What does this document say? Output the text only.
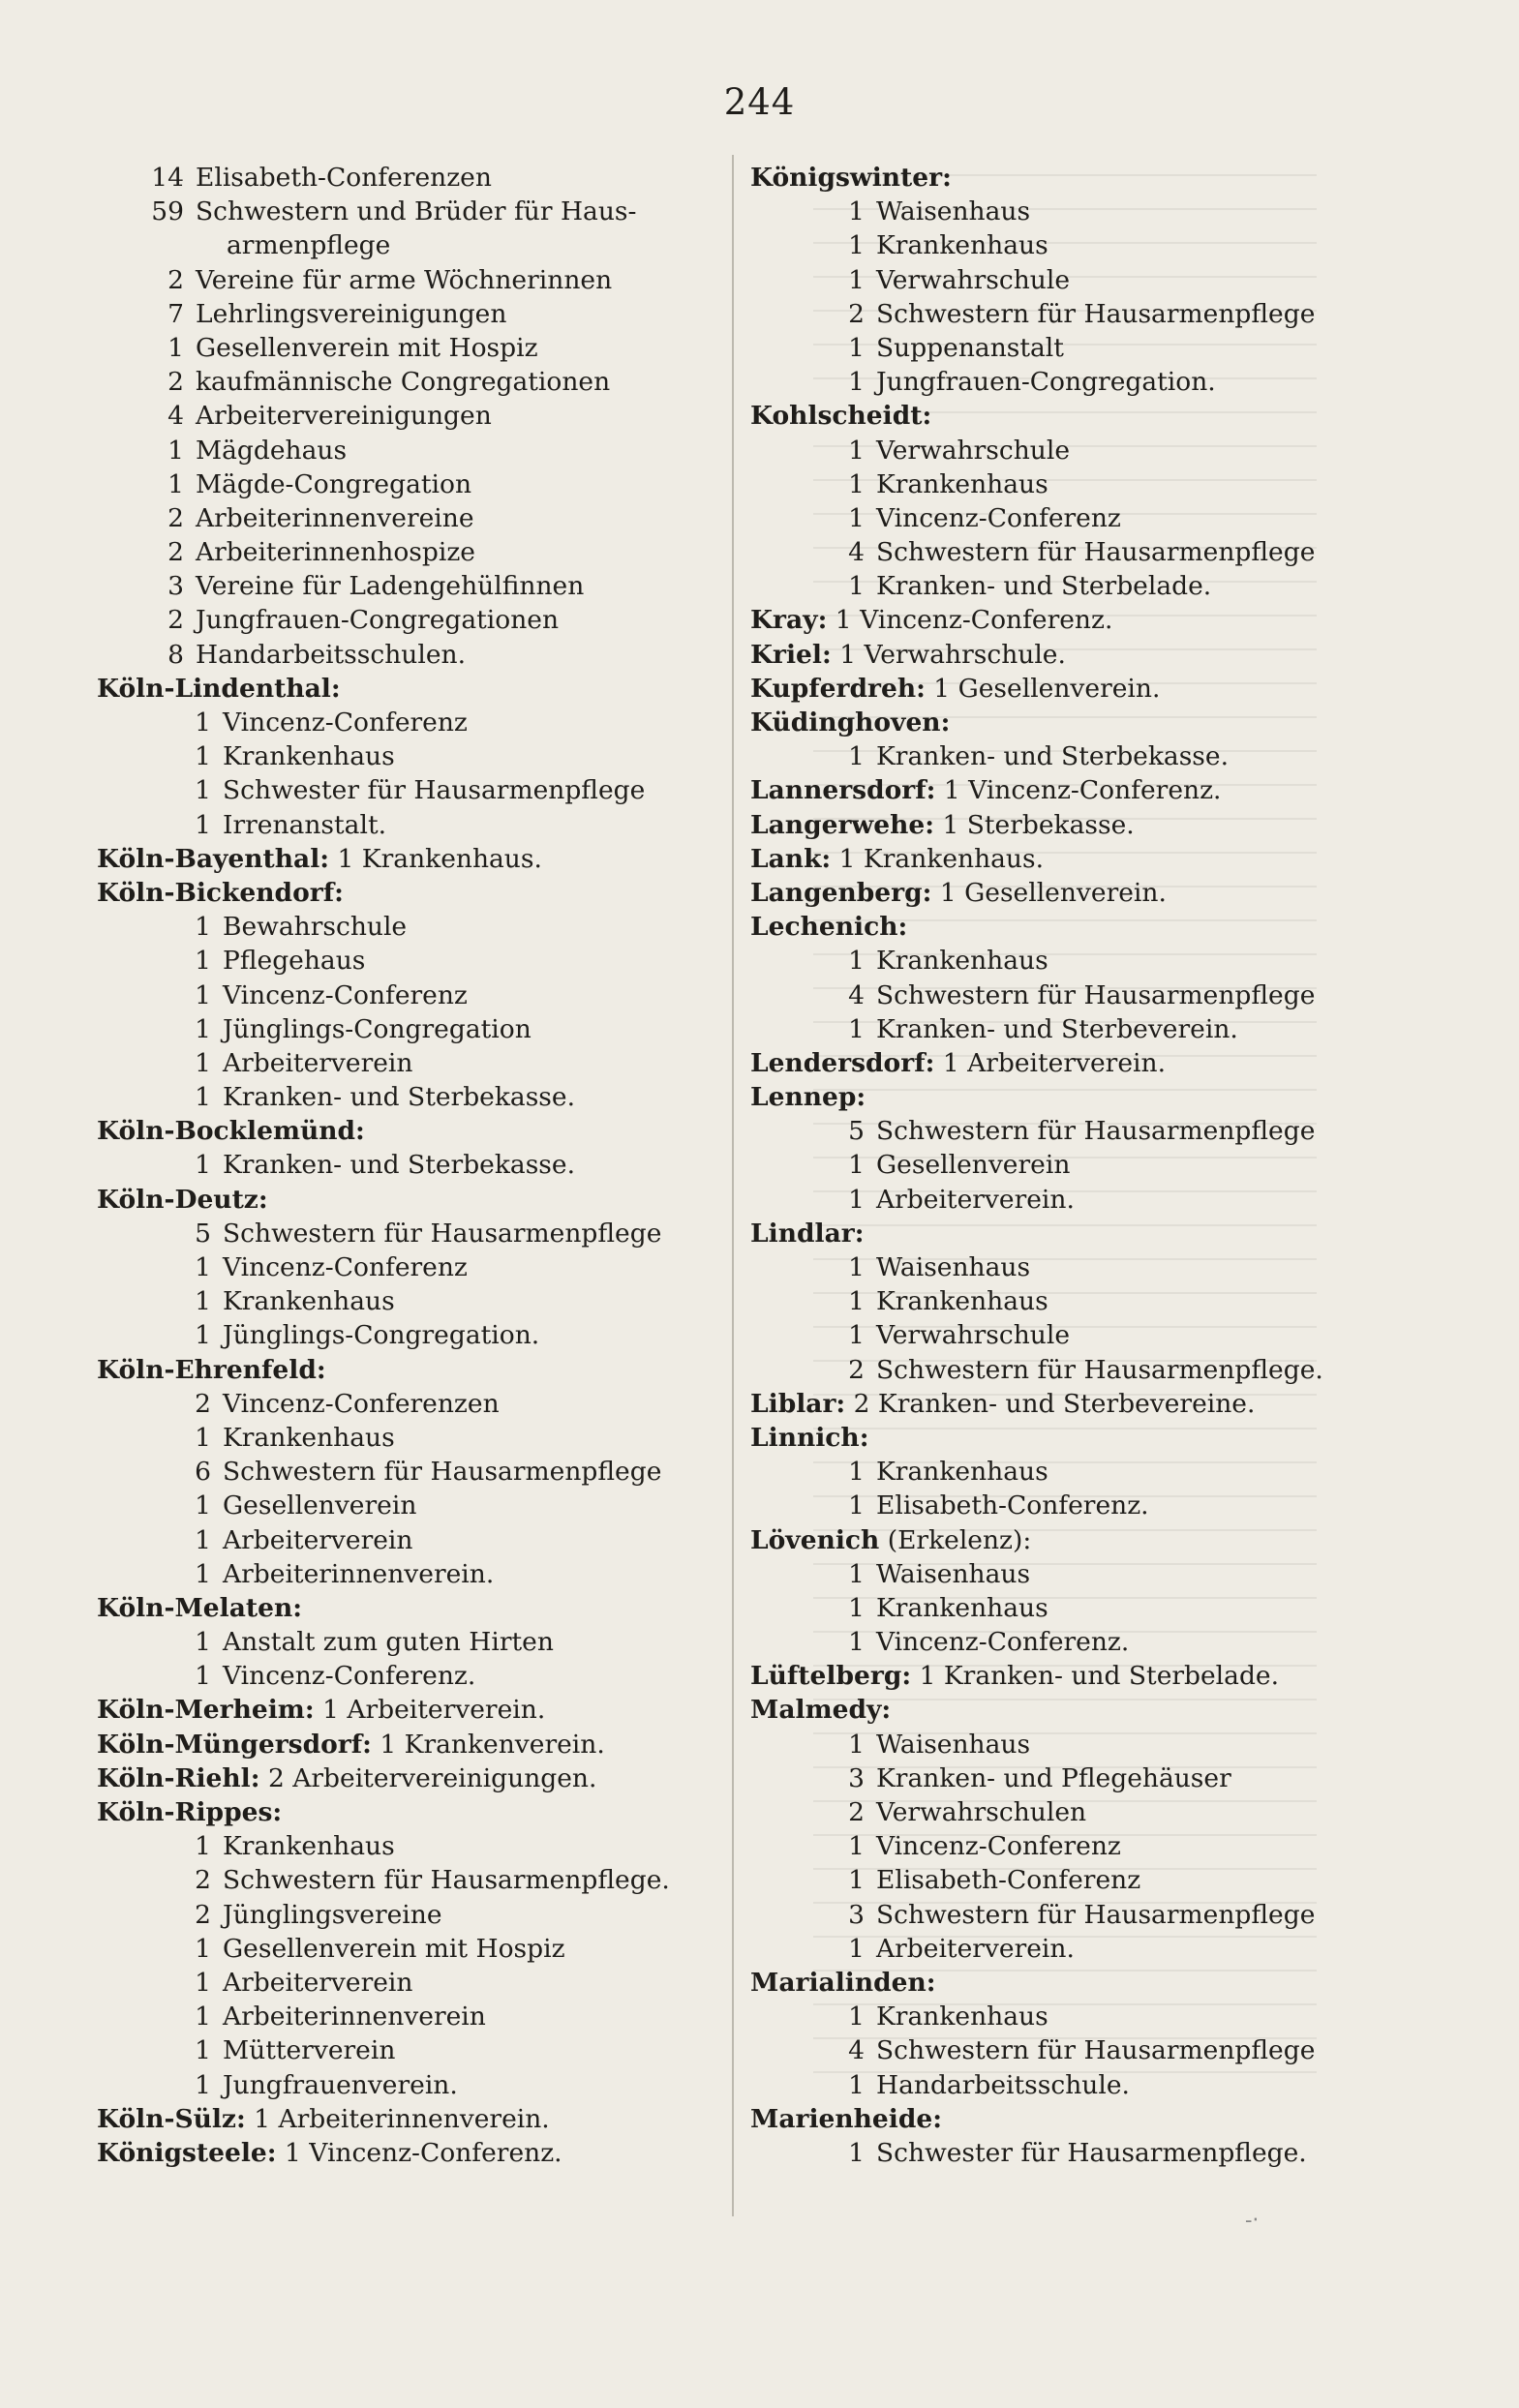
244
14 Elisabeth-Conferenzen
59 Schwestern und Brüder für Haus-
armenpflege
2 Vereine für arme Wöchnerinnen
7 Lehrlingsvereinigungen
1 Gesellenverein mit Hospiz
2 kaufmännische Congregationen
4 Arbeitervereinigungen
1 Mägdehaus
1 Mägde-Congregation
2 Arbeiterinnenvereine
2 Arbeiterinnenhospize
3 Vereine für Ladengehülfinnen
2 Jungfrauen-Congregationen
8 Handarbeitsschulen.
Köln-Lindenthal:
1 Vincenz-Conferenz
1 Krankenhaus
1 Schwester für Hausarmenpflege
1 Irrenanstalt.
Köln-Bayenthal: 1 Krankenhaus.
Köln-Bickendorf:
1 Bewahrschule
1 Pflegehaus
1 Vincenz-Conferenz
1 Jünglings-Congregation
1 Arbeiterverein
1 Kranken- und Sterbekasse.
Köln-Bocklemünd:
1 Kranken- und Sterbekasse.
Köln-Deutz:
5 Schwestern für Hausarmenpflege
1 Vincenz-Conferenz
1 Krankenhaus
1 Jünglings-Congregation.
Köln-Ehrenfeld:
2 Vincenz-Conferenzen
1 Krankenhaus
6 Schwestern für Hausarmenpflege
1 Gesellenverein
1 Arbeiterverein
1 Arbeiterinnenverein.
Köln-Melaten:
1 Anstalt zum guten Hirten
1 Vincenz-Conferenz.
Köln-Merheim: 1 Arbeiterverein.
Köln-Müngersdorf: 1 Krankenverein.
Köln-Riehl: 2 Arbeitervereinigungen.
Köln-Rippes:
1 Krankenhaus
2 Schwestern für Hausarmenpflege.
2 Jünglingsvereine
1 Gesellenverein mit Hospiz
1 Arbeiterverein
1 Arbeiterinnenverein
1 Mütterverein
1 Jungfrauenverein.
Köln-Sülz: 1 Arbeiterinnenverein.
Königsteele: 1 Vincenz-Conferenz.
Königswinter:
1 Waisenhaus
1 Krankenhaus
1 Verwahrschule
2 Schwestern für Hausarmenpflege
1 Suppenanstalt
1 Jungfrauen-Congregation.
Kohlscheidt:
1 Verwahrschule
1 Krankenhaus
1 Vincenz-Conferenz
4 Schwestern für Hausarmenpflege
1 Kranken- und Sterbelade.
Kray: 1 Vincenz-Conferenz.
Kriel: 1 Verwahrschule.
Kupferdreh: 1 Gesellenverein.
Küdinghoven:
1 Kranken- und Sterbekasse.
Lannersdorf: 1 Vincenz-Conferenz.
Langerwehe: 1 Sterbekasse.
Lank: 1 Krankenhaus.
Langenberg: 1 Gesellenverein.
Lechenich:
1 Krankenhaus
4 Schwestern für Hausarmenpflege
1 Kranken- und Sterbeverein.
Lendersdorf: 1 Arbeiterverein.
Lennep:
5 Schwestern für Hausarmenpflege
1 Gesellenverein
1 Arbeiterverein.
Lindlar:
1 Waisenhaus
1 Krankenhaus
1 Verwahrschule
2 Schwestern für Hausarmenpflege.
Liblar: 2 Kranken- und Sterbevereine.
Linnich:
1 Krankenhaus
1 Elisabeth-Conferenz.
Lövenich (Erkelenz):
1 Waisenhaus
1 Krankenhaus
1 Vincenz-Conferenz.
Lüftelberg: 1 Kranken- und Sterbelade.
Malmedy:
1 Waisenhaus
3 Kranken- und Pflegehäuser
2 Verwahrschulen
1 Vincenz-Conferenz
1 Elisabeth-Conferenz
3 Schwestern für Hausarmenpflege
1 Arbeiterverein.
Marialinden:
1 Krankenhaus
4 Schwestern für Hausarmenpflege
1 Handarbeitsschule.
Marienheide:
1 Schwester für Hausarmenpflege.
-‧
